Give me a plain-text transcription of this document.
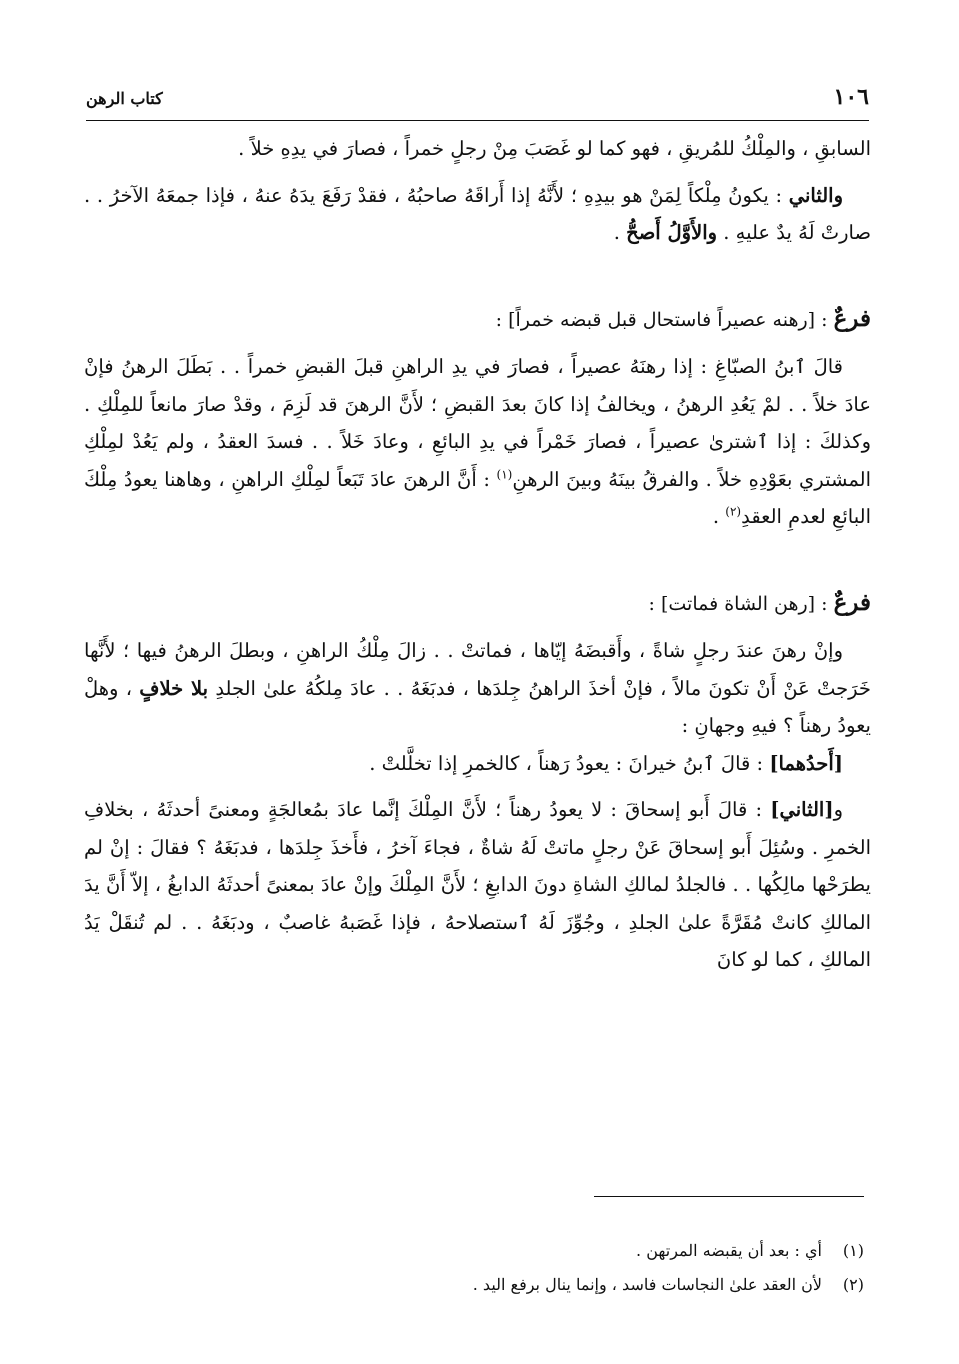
١٠٦
كتاب الرهن

السابقِ ، والمِلْكُ للمُريقِ ، فهو كما لو غَصَبَ مِنْ رجلٍ خمراً ، فصارَ في يدِهِ خلاً .

والثاني : يكونُ مِلْكاً لِمَنْ هو بيدِهِ ؛ لأَنَّهُ إذا أَراقَهُ صاحبُهُ ، فقدْ رَفَعَ يدَهُ عنهُ ، فإذا جمعَهُ الآخرُ . . صارتْ لَهُ يدٌ عليهِ . والأَوَّلُ أَصحُّ .

فرعٌ : [رهنه عصيراً فاستحال قبل قبضه خمراً] :

قالَ ٱبنُ الصبّاغِ : إذا رهنَهُ عصيراً ، فصارَ في يدِ الراهنِ قبلَ القبضِ خمراً . . بَطَلَ الرهنُ فإنْ عادَ خلاً . . لمْ يَعُدِ الرهنُ ، ويخالفُ إذا كانَ بعدَ القبضِ ؛ لأَنَّ الرهنَ قد لَزِمَ ، وقدْ صارَ مانعاً للمِلْكِ . وكذلكَ : إذا ٱشترىٰ عصيراً ، فصارَ خَمْراً في يدِ البائعِ ، وعادَ خَلاً . . فسدَ العقدُ ، ولم يَعُدْ لمِلْكِ المشتري بعَوْدِهِ خلاً . والفرقُ بينَهُ وبينَ الرهنِ$^{(١)}$ : أَنَّ الرهنَ عادَ تَبَعاً لمِلْكِ الراهنِ ، وهاهنا يعودُ مِلْكَ البائعِ لعدمِ العقدِ$^{(٢)}$ .

فرعٌ : [رهن الشاة فماتت] :

وإنْ رهنَ عندَ رجلٍ شاةً ، وأَقبضَهُ إيّاها ، فماتتْ . . زالَ مِلْكُ الراهنِ ، وبطلَ الرهنُ فيها ؛ لأَنَّها خَرَجتْ عَنْ أَنْ تكونَ مالاً ، فإنْ أخذَ الراهنُ جِلدَها ، فدبَغَهُ . . عادَ مِلكُهُ علىٰ الجلدِ بلا خلافٍ ، وهلْ يعودُ رهناً ؟ فيهِ وجهانِ :

[أَحدُهما] : قالَ ٱبنُ خيرانَ : يعودُ رَهناً ، كالخمرِ إذا تخلَّلتْ .

و[الثاني] : قالَ أَبو إسحاقَ : لا يعودُ رهناً ؛ لأَنَّ المِلْكَ إنَّما عادَ بمُعالجَةٍ ومعنىً أحدثَهُ ، بخلافِ الخمرِ . وسُئِلَ أَبو إسحاقَ عَنْ رجلٍ ماتتْ لَهُ شاةٌ ، فجاءَ آخرُ ، فأَخذَ جِلدَها ، فدبَغَهُ ؟ فقالَ : إنْ لم يطرَحْها مالِكُها . . فالجلدُ لمالكِ الشاةِ دونَ الدابغِ ؛ لأَنَّ المِلْكَ وإنْ عادَ بمعنىً أحدثَهُ الدابغُ ، إلاّ أَنَّ يدَ المالكِ كانتْ مُقَرَّةً علىٰ الجلدِ ، وجُوِّزَ لَهُ ٱستصلاحهُ ، فإذا غَصَبهُ غاصبٌ ، ودبَغَهُ . . لم تُنقَلْ يَدُ المالكِ ، كما لو كانَ

(١)أي : بعد أن يقبضه المرتهن .

(٢)لأن العقد علىٰ النجاسات فاسد ، وإنما ينال برفع اليد .
